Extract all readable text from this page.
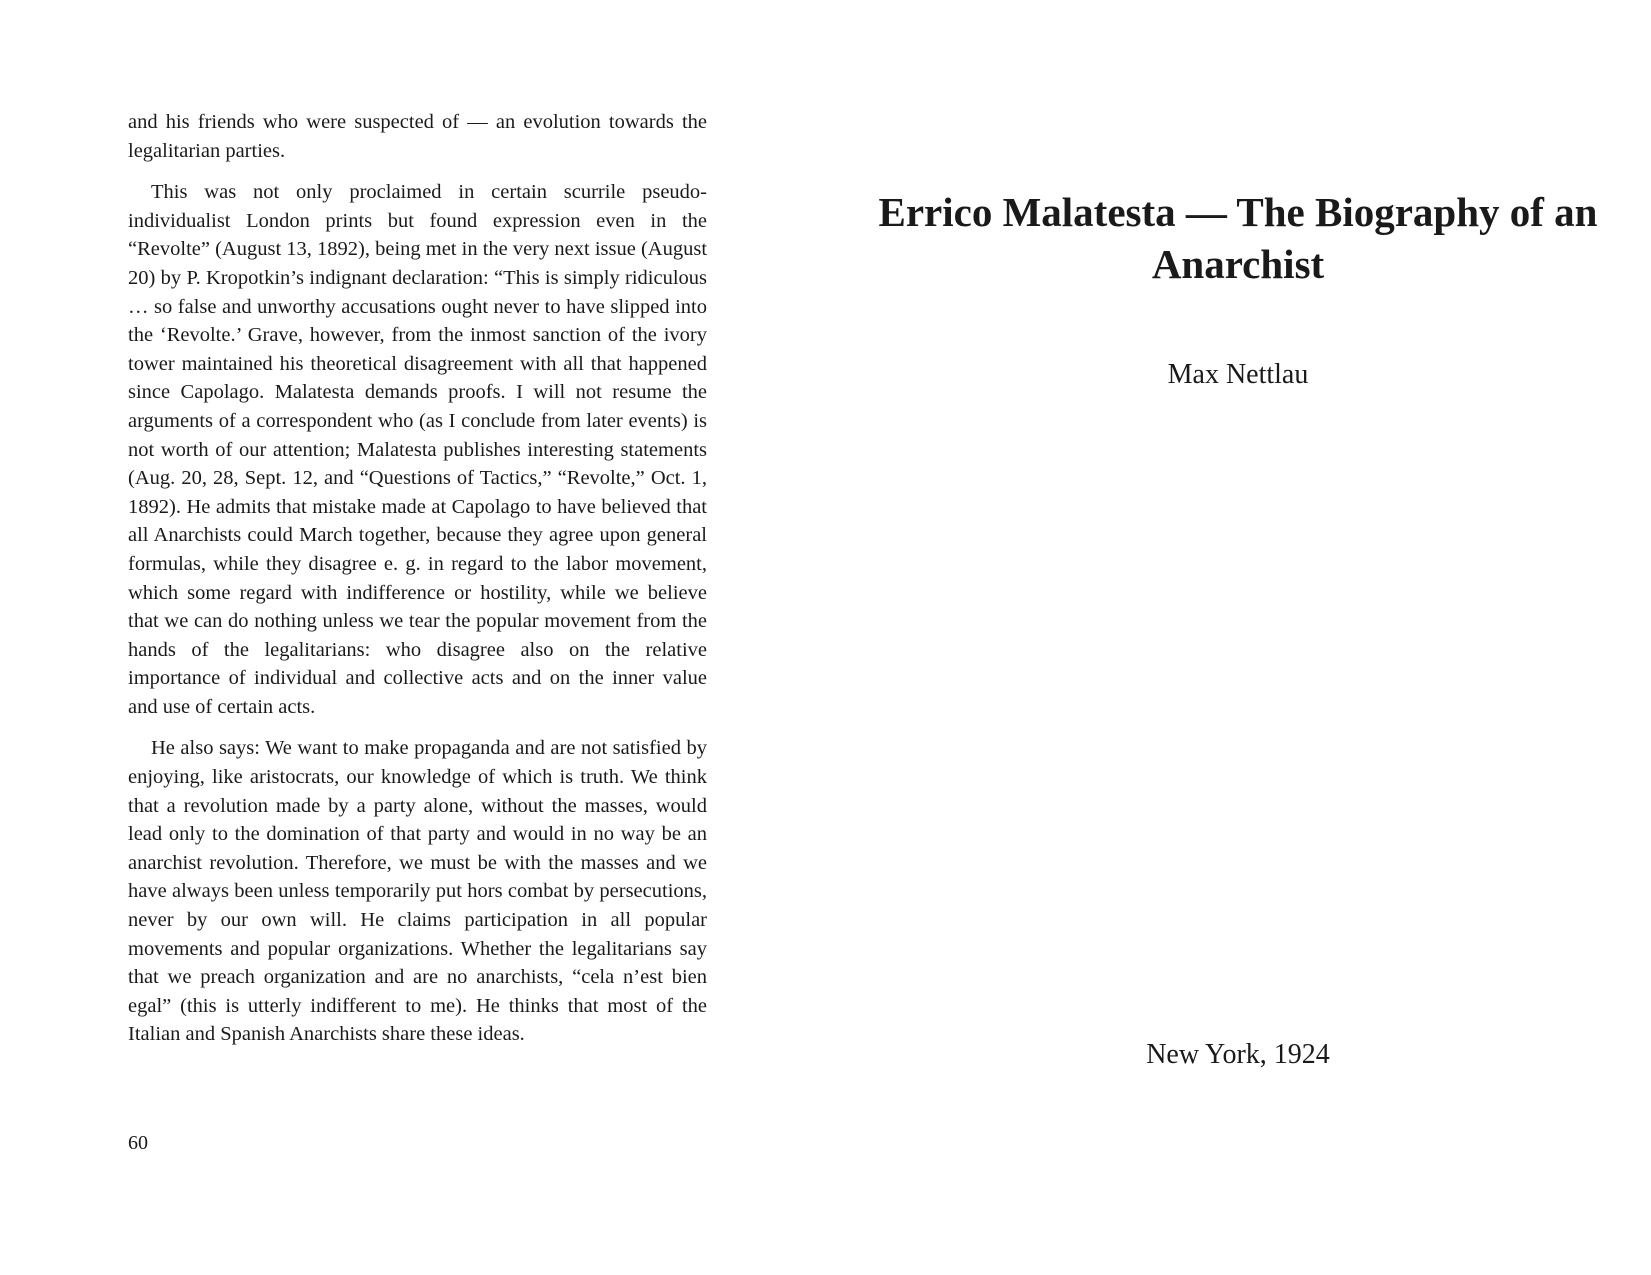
and his friends who were suspected of — an evolution towards the legalitarian parties.

This was not only proclaimed in certain scurrile pseudo-individualist London prints but found expression even in the “Revolte” (August 13, 1892), being met in the very next issue (August 20) by P. Kropotkin’s indignant declaration: “This is simply ridiculous … so false and unworthy accusations ought never to have slipped into the ‘Revolte.’ Grave, however, from the inmost sanction of the ivory tower maintained his theoretical disagreement with all that happened since Capolago. Malatesta demands proofs. I will not resume the arguments of a correspondent who (as I conclude from later events) is not worth of our attention; Malatesta publishes interesting statements (Aug. 20, 28, Sept. 12, and “Questions of Tactics,” “Revolte,” Oct. 1, 1892). He admits that mistake made at Capolago to have believed that all Anarchists could March together, because they agree upon general formulas, while they disagree e. g. in regard to the labor movement, which some regard with indifference or hostility, while we believe that we can do nothing unless we tear the popular movement from the hands of the legalitarians: who disagree also on the relative importance of individual and collective acts and on the inner value and use of certain acts.

He also says: We want to make propaganda and are not satisfied by enjoying, like aristocrats, our knowledge of which is truth. We think that a revolution made by a party alone, without the masses, would lead only to the domination of that party and would in no way be an anarchist revolution. Therefore, we must be with the masses and we have always been unless temporarily put hors combat by persecutions, never by our own will. He claims participation in all popular movements and popular organizations. Whether the legalitarians say that we preach organization and are no anarchists, “cela n’est bien egal” (this is utterly indifferent to me). He thinks that most of the Italian and Spanish Anarchists share these ideas.

60
Errico Malatesta — The Biography of an Anarchist
Max Nettlau
New York, 1924
